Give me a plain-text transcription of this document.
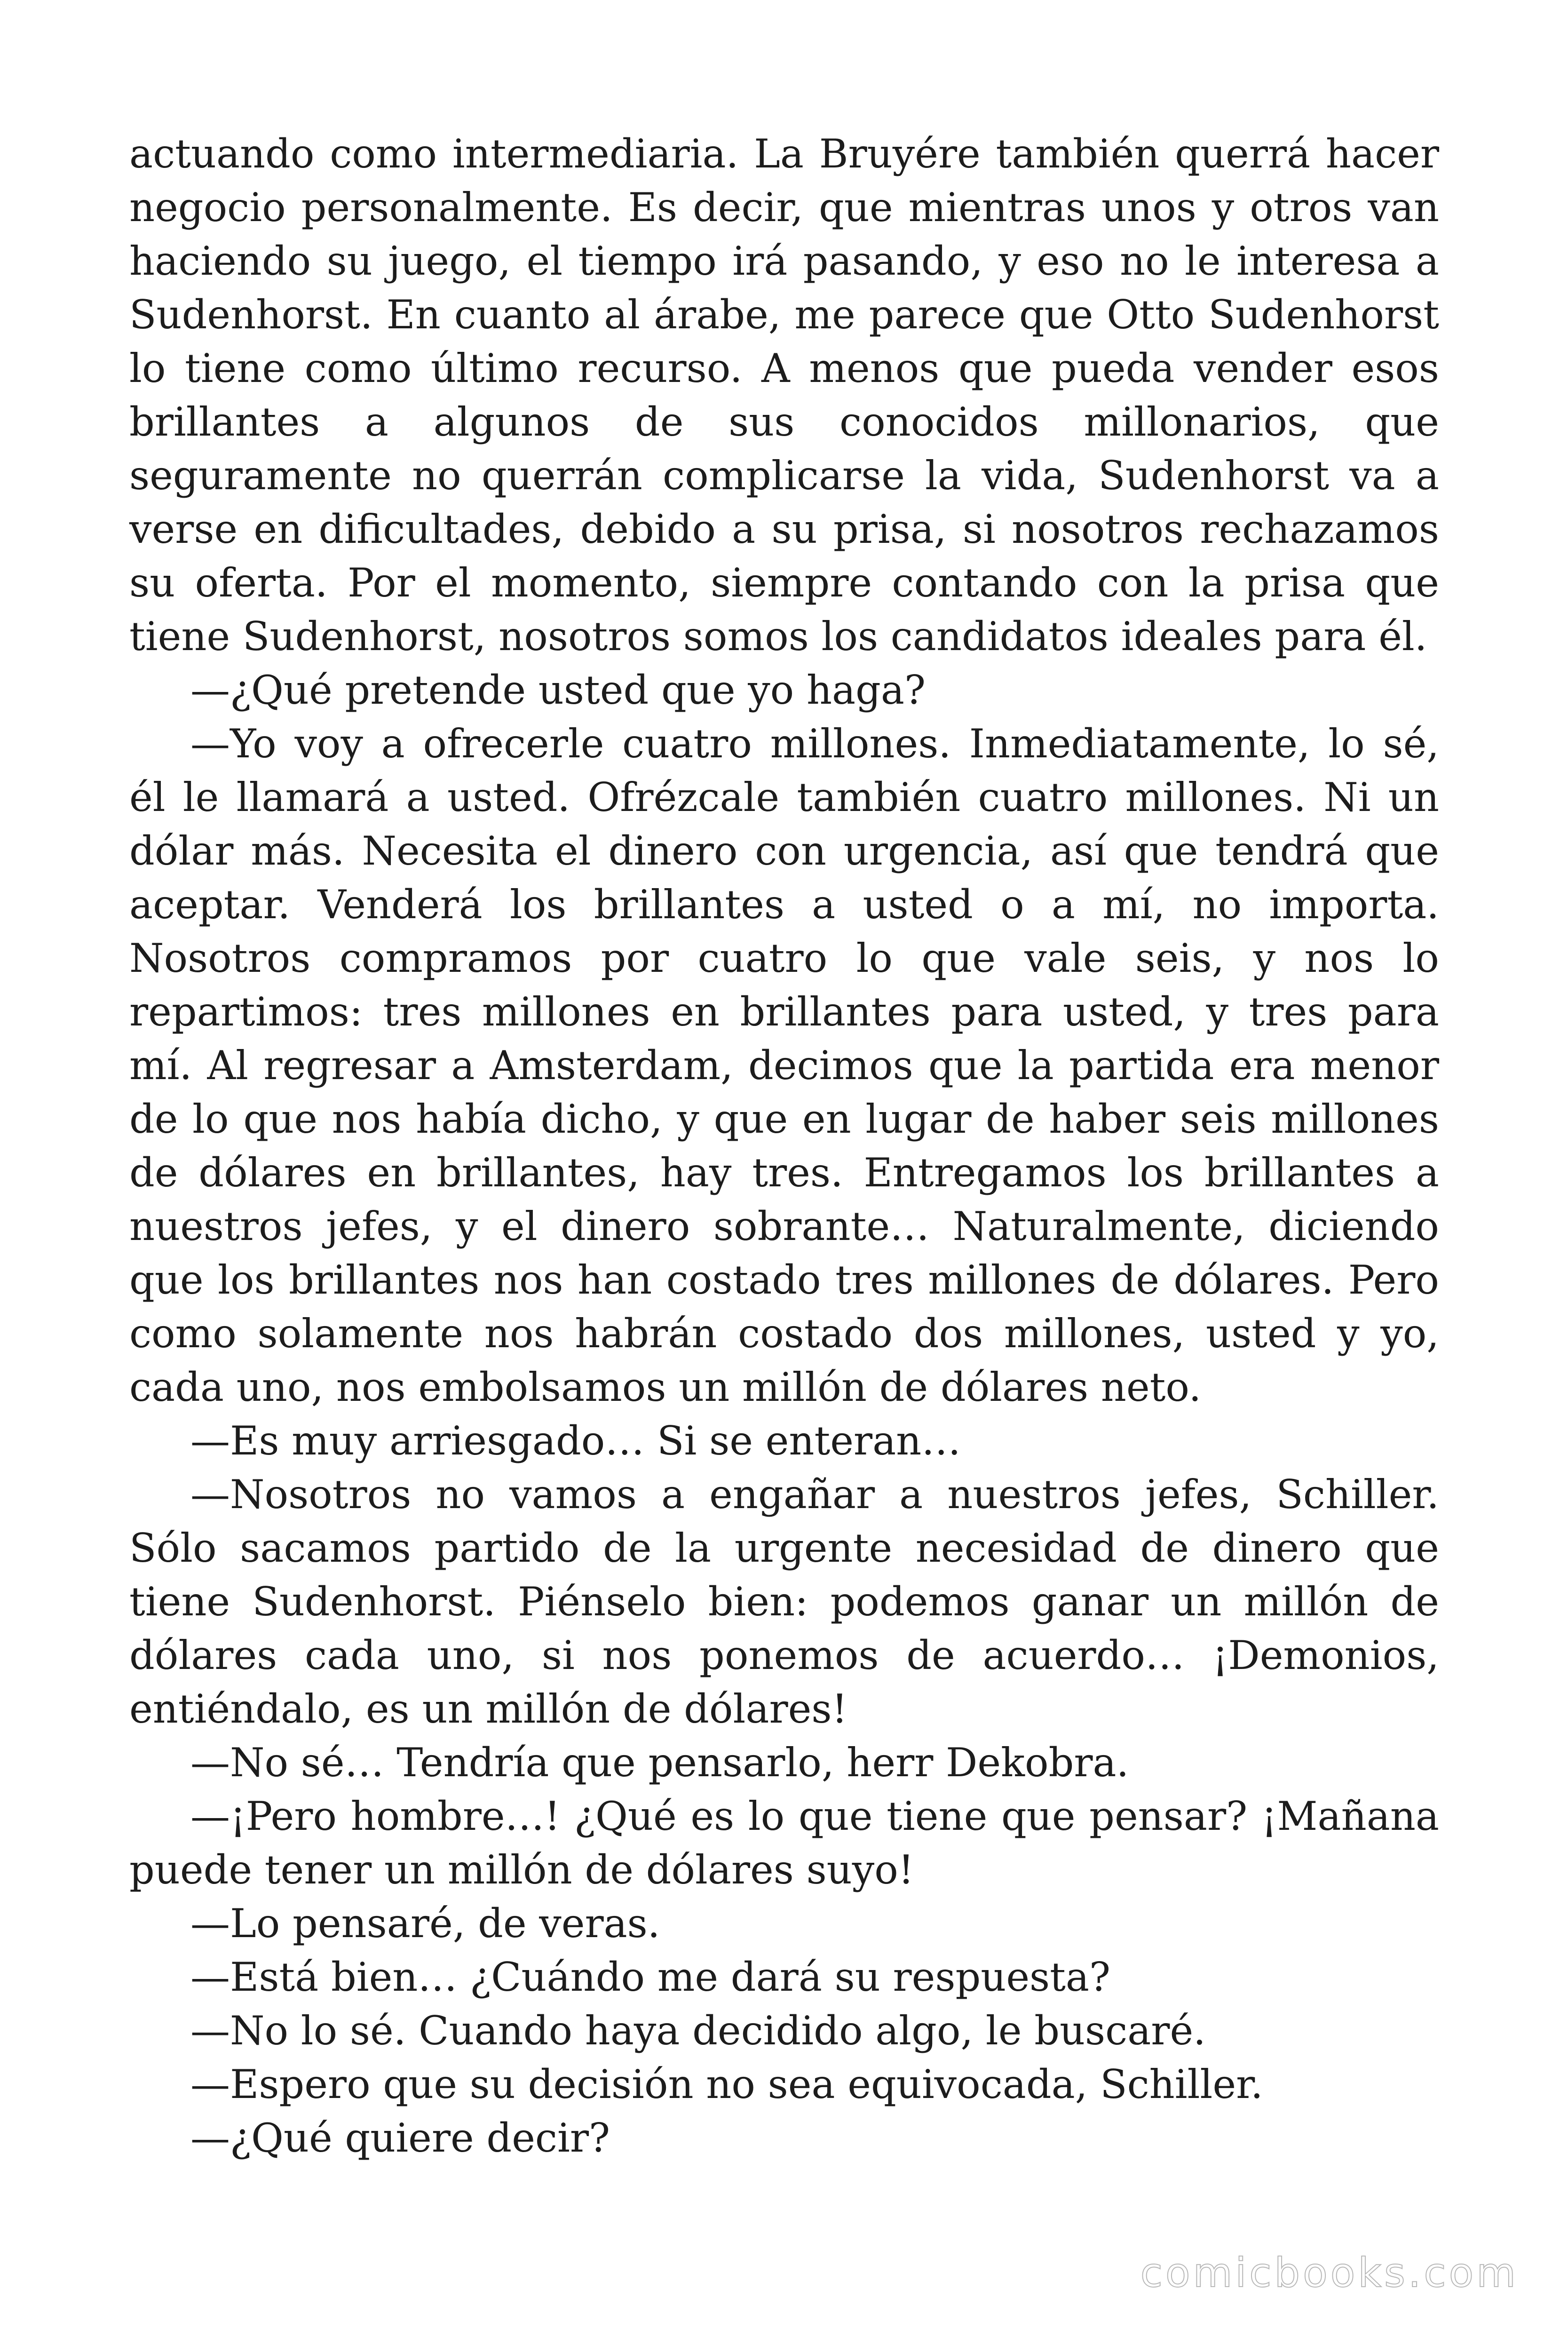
actuando como intermediaria. La Bruyére también querrá hacer negocio personalmente. Es decir, que mientras unos y otros van haciendo su juego, el tiempo irá pasando, y eso no le interesa a Sudenhorst. En cuanto al árabe, me parece que Otto Sudenhorst lo tiene como último recurso. A menos que pueda vender esos brillantes a algunos de sus conocidos millonarios, que seguramente no querrán complicarse la vida, Sudenhorst va a verse en dificultades, debido a su prisa, si nosotros rechazamos su oferta. Por el momento, siempre contando con la prisa que tiene Sudenhorst, nosotros somos los candidatos ideales para él.

—¿Qué pretende usted que yo haga?

—Yo voy a ofrecerle cuatro millones. Inmediatamente, lo sé, él le llamará a usted. Ofrézcale también cuatro millones. Ni un dólar más. Necesita el dinero con urgencia, así que tendrá que aceptar. Venderá los brillantes a usted o a mí, no importa. Nosotros compramos por cuatro lo que vale seis, y nos lo repartimos: tres millones en brillantes para usted, y tres para mí. Al regresar a Amsterdam, decimos que la partida era menor de lo que nos había dicho, y que en lugar de haber seis millones de dólares en brillantes, hay tres. Entregamos los brillantes a nuestros jefes, y el dinero sobrante… Naturalmente, diciendo que los brillantes nos han costado tres millones de dólares. Pero como solamente nos habrán costado dos millones, usted y yo, cada uno, nos embolsamos un millón de dólares neto.

—Es muy arriesgado… Si se enteran…

—Nosotros no vamos a engañar a nuestros jefes, Schiller. Sólo sacamos partido de la urgente necesidad de dinero que tiene Sudenhorst. Piénselo bien: podemos ganar un millón de dólares cada uno, si nos ponemos de acuerdo… ¡Demonios, entiéndalo, es un millón de dólares!

—No sé… Tendría que pensarlo, herr Dekobra.

—¡Pero hombre…! ¿Qué es lo que tiene que pensar? ¡Mañana puede tener un millón de dólares suyo!

—Lo pensaré, de veras.

—Está bien… ¿Cuándo me dará su respuesta?

—No lo sé. Cuando haya decidido algo, le buscaré.

—Espero que su decisión no sea equivocada, Schiller.

—¿Qué quiere decir?

comicbooks.com
